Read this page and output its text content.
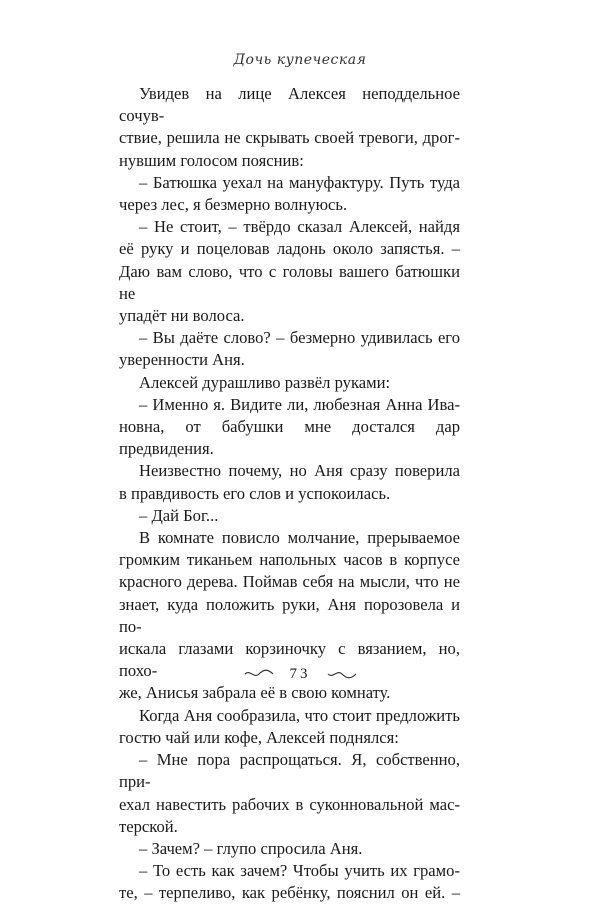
Дочь купеческая

Увидев на лице Алексея неподдельное сочув-
ствие, решила не скрывать своей тревоги, дрог-
нувшим голосом пояснив:

– Батюшка уехал на мануфактуру. Путь туда
через лес, я безмерно волнуюсь.

– Не стоит, – твёрдо сказал Алексей, найдя
её руку и поцеловав ладонь около запястья. –
Даю вам слово, что с головы вашего батюшки не
упадёт ни волоса.

– Вы даёте слово? – безмерно удивилась его
уверенности Аня.

Алексей дурашливо развёл руками:

– Именно я. Видите ли, любезная Анна Ива-
новна, от бабушки мне достался дар предвидения.

Неизвестно почему, но Аня сразу поверила
в правдивость его слов и успокоилась.

– Дай Бог...

В комнате повисло молчание, прерываемое
громким тиканьем напольных часов в корпусе
красного дерева. Поймав себя на мысли, что не
знает, куда положить руки, Аня порозовела и по-
искала глазами корзиночку с вязанием, но, похо-
же, Анисья забрала её в свою комнату.

Когда Аня сообразила, что стоит предложить
гостю чай или кофе, Алексей поднялся:

– Мне пора распрощаться. Я, собственно, при-
ехал навестить рабочих в суконновальной мас-
терской.

– Зачем? – глупо спросила Аня.

– То есть как зачем? Чтобы учить их грамо-
те, – терпеливо, как ребёнку, пояснил он ей. –

73
